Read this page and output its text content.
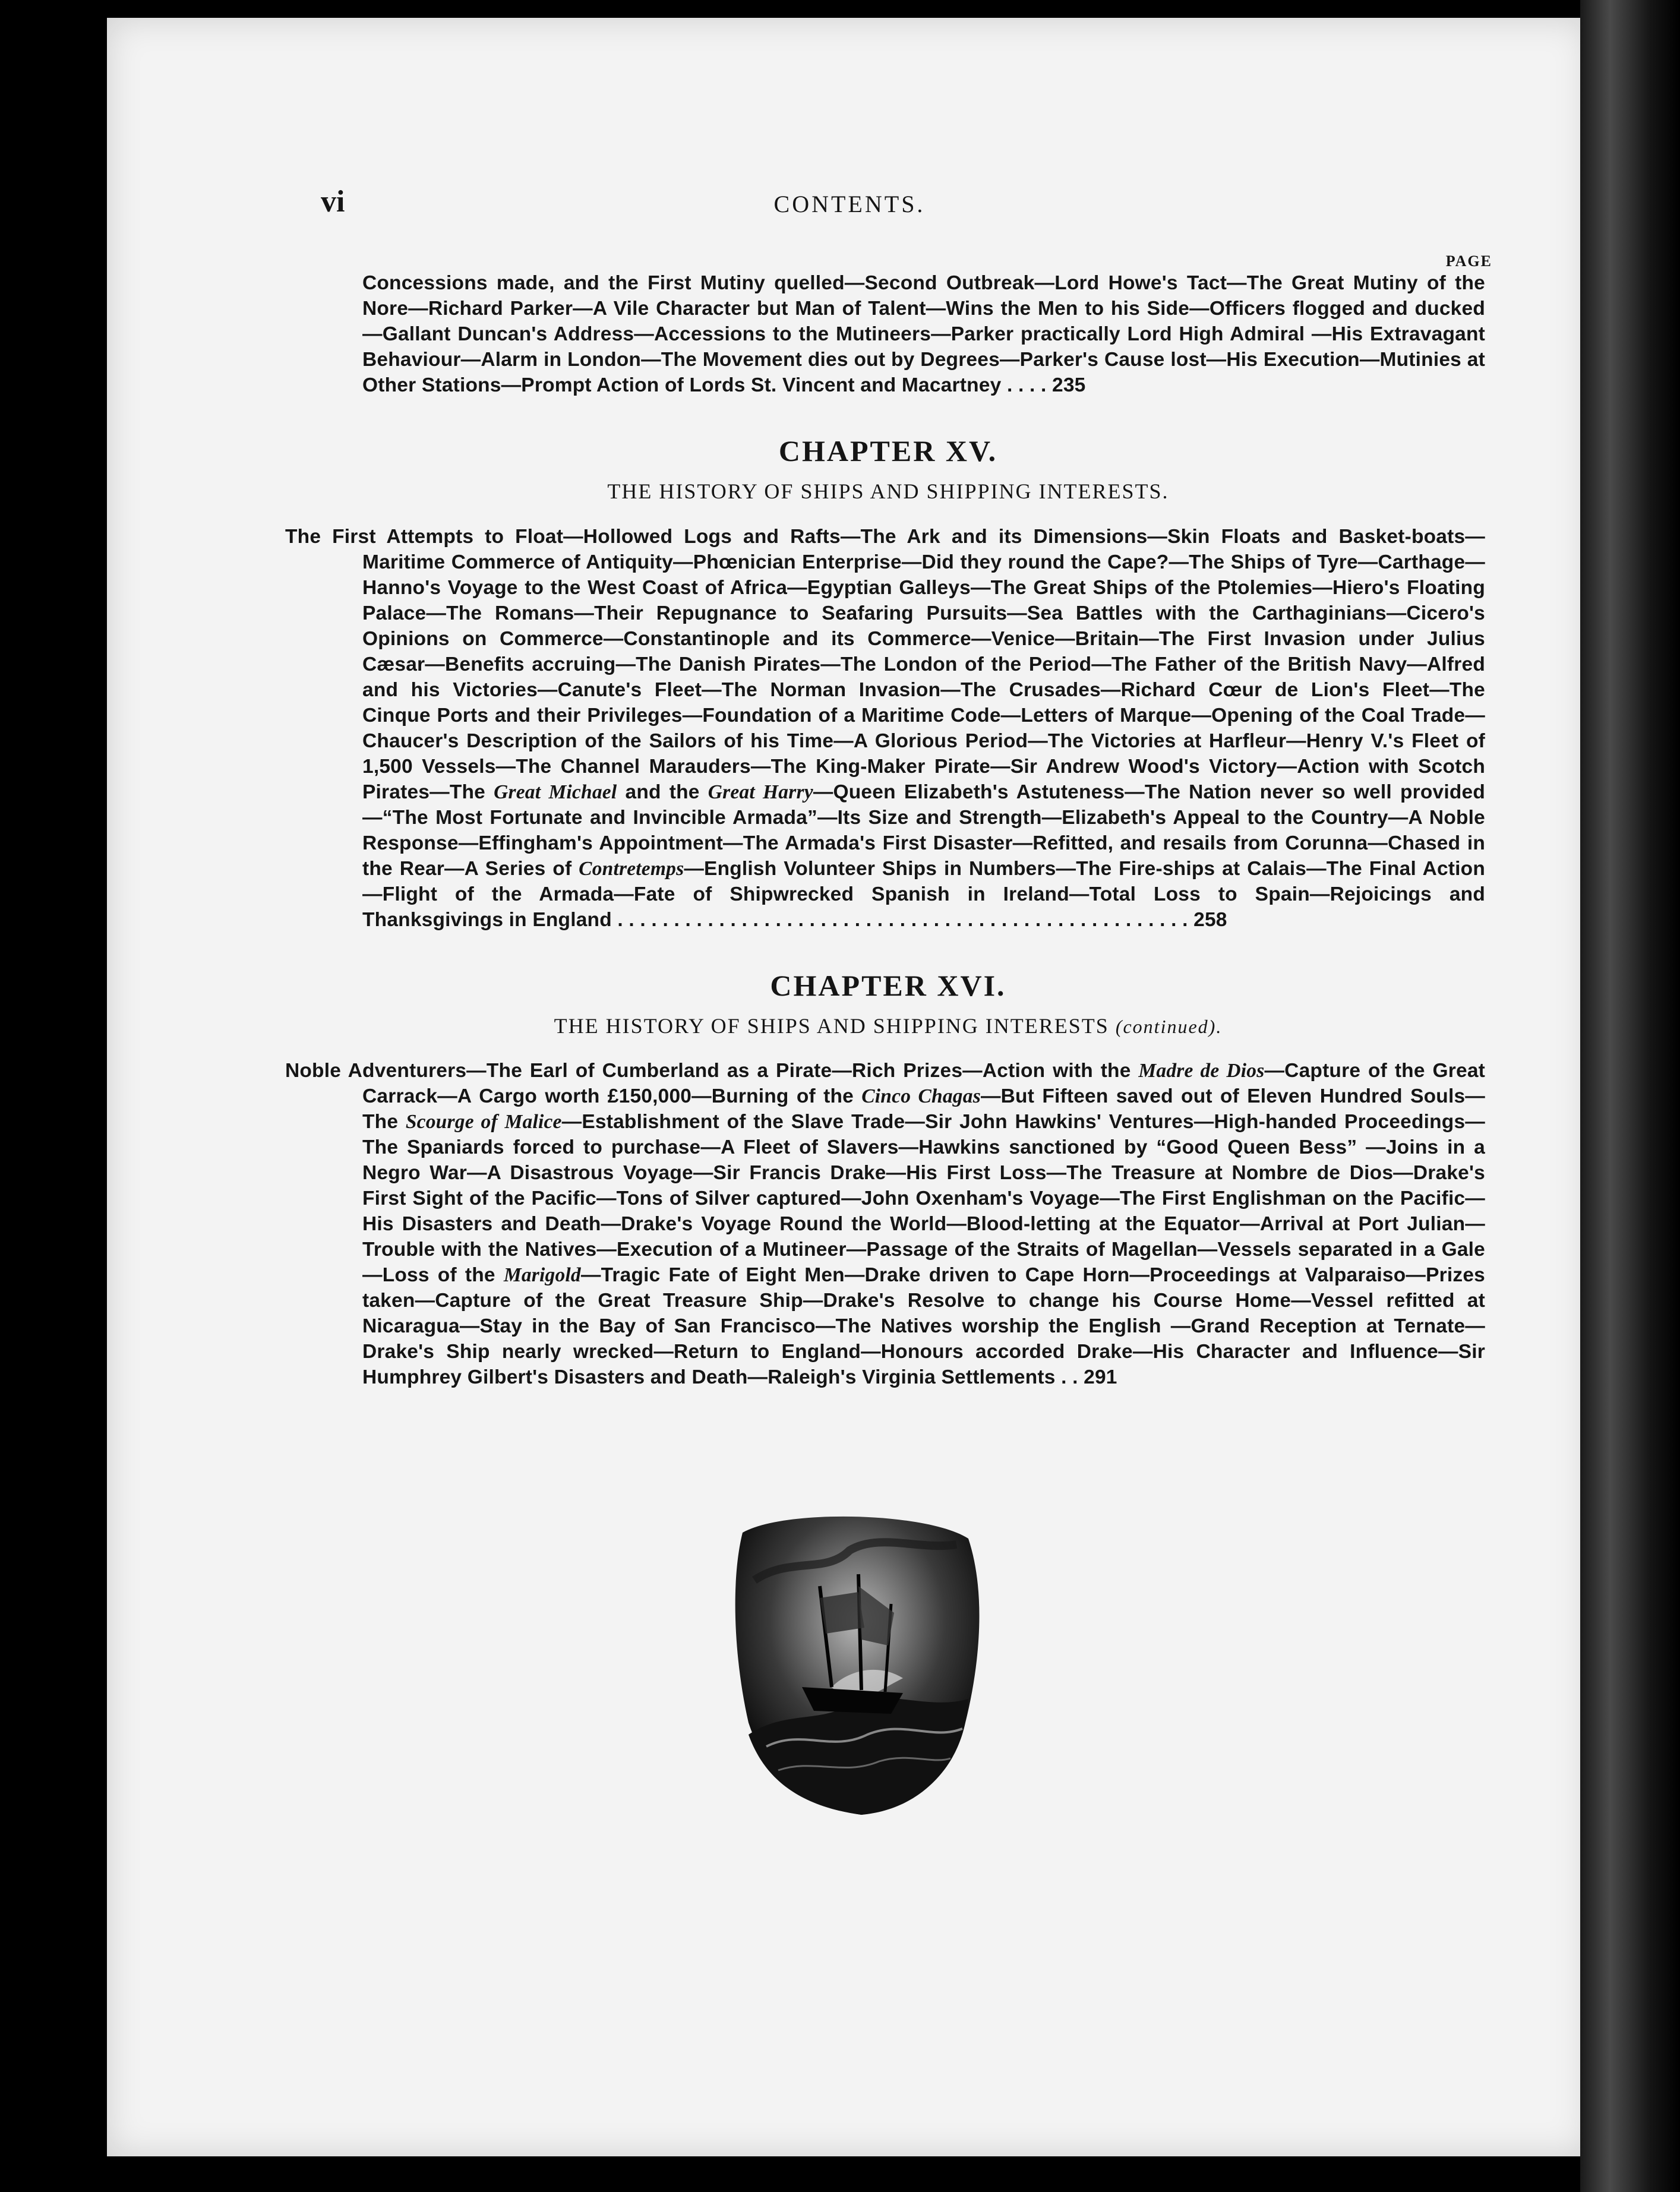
vi	CONTENTS.
PAGE

Concessions made, and the First Mutiny quelled—Second Outbreak—Lord Howe's Tact—The Great Mutiny of the Nore—Richard Parker—A Vile Character but Man of Talent—Wins the Men to his Side—Officers flogged and ducked—Gallant Duncan's Address—Accessions to the Mutineers—Parker practically Lord High Admiral —His Extravagant Behaviour—Alarm in London—The Movement dies out by Degrees—Parker's Cause lost—His Execution—Mutinies at Other Stations—Prompt Action of Lords St. Vincent and Macartney . . . . 235

CHAPTER XV.
THE HISTORY OF SHIPS AND SHIPPING INTERESTS.

The First Attempts to Float—Hollowed Logs and Rafts—The Ark and its Dimensions—Skin Floats and Basket-boats—Maritime Commerce of Antiquity—Phœnician Enterprise—Did they round the Cape?—The Ships of Tyre—Carthage—Hanno's Voyage to the West Coast of Africa—Egyptian Galleys—The Great Ships of the Ptolemies—Hiero's Floating Palace—The Romans—Their Repugnance to Seafaring Pursuits—Sea Battles with the Carthaginians—Cicero's Opinions on Commerce—Constantinople and its Commerce—Venice—Britain—The First Invasion under Julius Cæsar—Benefits accruing—The Danish Pirates—The London of the Period—The Father of the British Navy—Alfred and his Victories—Canute's Fleet—The Norman Invasion—The Crusades—Richard Cœur de Lion's Fleet—The Cinque Ports and their Privileges—Foundation of a Maritime Code—Letters of Marque—Opening of the Coal Trade—Chaucer's Description of the Sailors of his Time—A Glorious Period—The Victories at Harfleur—Henry V.'s Fleet of 1,500 Vessels—The Channel Marauders—The King-Maker Pirate—Sir Andrew Wood's Victory—Action with Scotch Pirates—The Great Michael and the Great Harry—Queen Elizabeth's Astuteness—The Nation never so well provided—“The Most Fortunate and Invincible Armada”—Its Size and Strength—Elizabeth's Appeal to the Country—A Noble Response—Effingham's Appointment—The Armada's First Disaster—Refitted, and resails from Corunna—Chased in the Rear—A Series of Contretemps—English Volunteer Ships in Numbers—The Fire-ships at Calais—The Final Action—Flight of the Armada—Fate of Shipwrecked Spanish in Ireland—Total Loss to Spain—Rejoicings and Thanksgivings in England . . . . . . . . . . . . . . . . . . . . . . . . . . . . . . . . . . . . . . . . . . . . . . . . . . . 258

CHAPTER XVI.
THE HISTORY OF SHIPS AND SHIPPING INTERESTS (continued).

Noble Adventurers—The Earl of Cumberland as a Pirate—Rich Prizes—Action with the Madre de Dios—Capture of the Great Carrack—A Cargo worth £150,000—Burning of the Cinco Chagas—But Fifteen saved out of Eleven Hundred Souls—The Scourge of Malice—Establishment of the Slave Trade—Sir John Hawkins' Ventures—High-handed Proceedings—The Spaniards forced to purchase—A Fleet of Slavers—Hawkins sanctioned by “Good Queen Bess” —Joins in a Negro War—A Disastrous Voyage—Sir Francis Drake—His First Loss—The Treasure at Nombre de Dios—Drake's First Sight of the Pacific—Tons of Silver captured—John Oxenham's Voyage—The First Englishman on the Pacific—His Disasters and Death—Drake's Voyage Round the World—Blood-letting at the Equator—Arrival at Port Julian—Trouble with the Natives—Execution of a Mutineer—Passage of the Straits of Magellan—Vessels separated in a Gale—Loss of the Marigold—Tragic Fate of Eight Men—Drake driven to Cape Horn—Proceedings at Valparaiso—Prizes taken—Capture of the Great Treasure Ship—Drake's Resolve to change his Course Home—Vessel refitted at Nicaragua—Stay in the Bay of San Francisco—The Natives worship the English —Grand Reception at Ternate—Drake's Ship nearly wrecked—Return to England—Honours accorded Drake—His Character and Influence—Sir Humphrey Gilbert's Disasters and Death—Raleigh's Virginia Settlements . . 291
